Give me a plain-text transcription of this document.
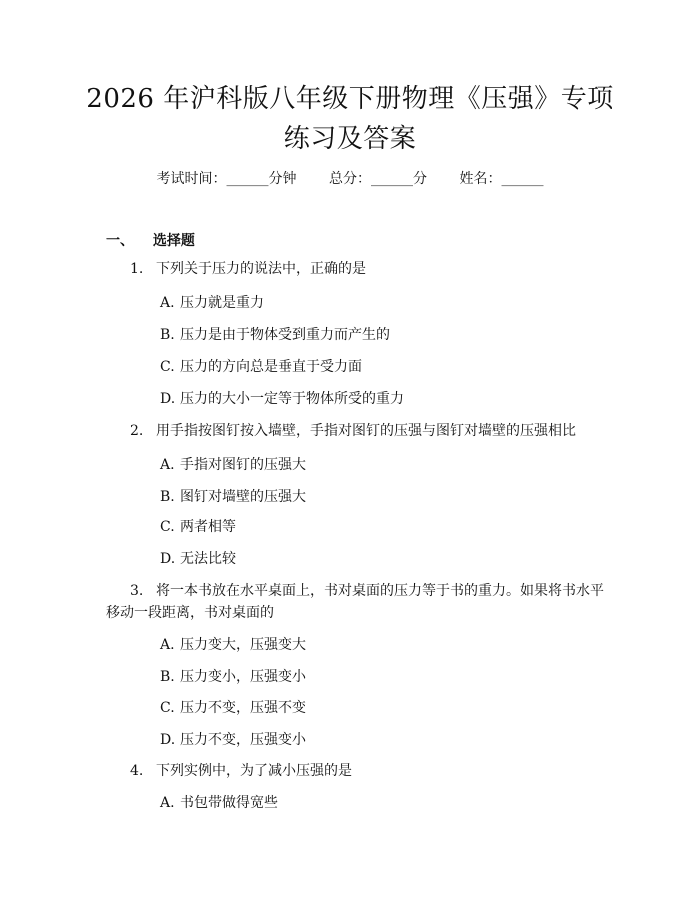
2026 年沪科版八年级下册物理《压强》专项
练习及答案
考试时间：______分钟 总分：______分 姓名：______
一、 选择题
1. 下列关于压力的说法中，正确的是
A. 压力就是重力
B. 压力是由于物体受到重力而产生的
C. 压力的方向总是垂直于受力面
D. 压力的大小一定等于物体所受的重力
2. 用手指按图钉按入墙壁，手指对图钉的压强与图钉对墙壁的压强相比
A. 手指对图钉的压强大
B. 图钉对墙壁的压强大
C. 两者相等
D. 无法比较
3. 将一本书放在水平桌面上，书对桌面的压力等于书的重力。如果将书水平
移动一段距离，书对桌面的
A. 压力变大，压强变大
B. 压力变小，压强变小
C. 压力不变，压强不变
D. 压力不变，压强变小
4. 下列实例中，为了减小压强的是
A. 书包带做得宽些
